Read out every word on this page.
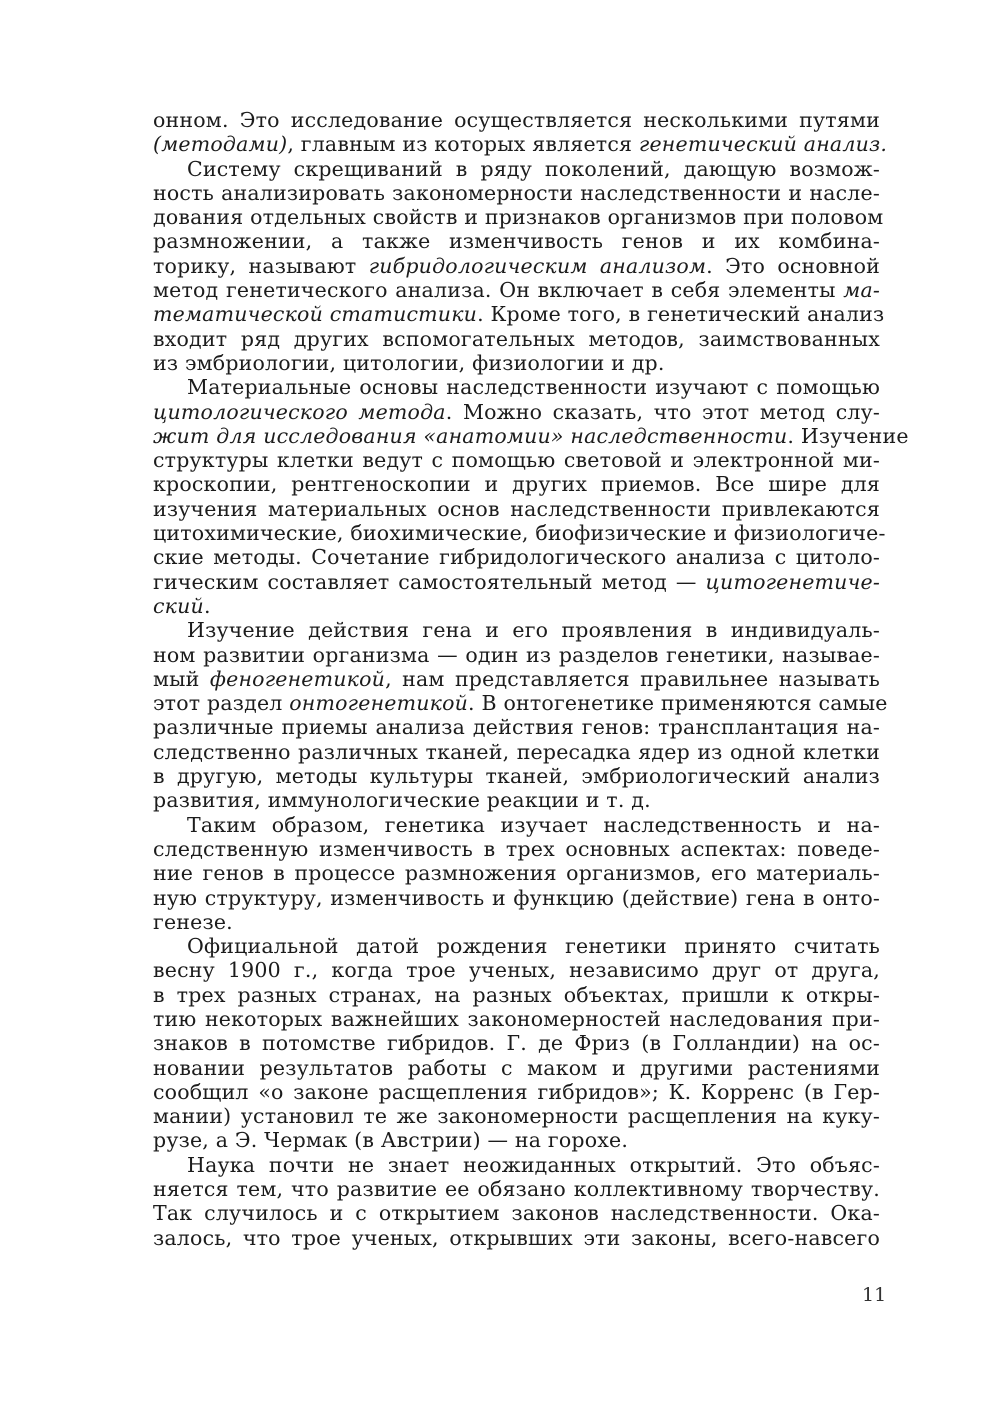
онном. Это исследование осуществляется несколькими путями
(методами), главным из которых является генетический анализ.
Систему скрещиваний в ряду поколений, дающую возмож-
ность анализировать закономерности наследственности и насле-
дования отдельных свойств и признаков организмов при половом
размножении, а также изменчивость генов и их комбина-
торику, называют гибридологическим анализом. Это основной
метод генетического анализа. Он включает в себя элементы ма-
тематической статистики. Кроме того, в генетический анализ
входит ряд других вспомогательных методов, заимствованных
из эмбриологии, цитологии, физиологии и др.
Материальные основы наследственности изучают с помощью
цитологического метода. Можно сказать, что этот метод слу-
жит для исследования «анатомии» наследственности. Изучение
структуры клетки ведут с помощью световой и электронной ми-
кроскопии, рентгеноскопии и других приемов. Все шире для
изучения материальных основ наследственности привлекаются
цитохимические, биохимические, биофизические и физиологиче-
ские методы. Сочетание гибридологического анализа с цитоло-
гическим составляет самостоятельный метод — цитогенетиче-
ский.
Изучение действия гена и его проявления в индивидуаль-
ном развитии организма — один из разделов генетики, называе-
мый феногенетикой, нам представляется правильнее называть
этот раздел онтогенетикой. В онтогенетике применяются самые
различные приемы анализа действия генов: трансплантация на-
следственно различных тканей, пересадка ядер из одной клетки
в другую, методы культуры тканей, эмбриологический анализ
развития, иммунологические реакции и т. д.
Таким образом, генетика изучает наследственность и на-
следственную изменчивость в трех основных аспектах: поведе-
ние генов в процессе размножения организмов, его материаль-
ную структуру, изменчивость и функцию (действие) гена в онто-
генезе.
Официальной датой рождения генетики принято считать
весну 1900 г., когда трое ученых, независимо друг от друга,
в трех разных странах, на разных объектах, пришли к откры-
тию некоторых важнейших закономерностей наследования при-
знаков в потомстве гибридов. Г. де Фриз (в Голландии) на ос-
новании результатов работы с маком и другими растениями
сообщил «о законе расщепления гибридов»; К. Корренс (в Гер-
мании) установил те же закономерности расщепления на куку-
рузе, а Э. Чермак (в Австрии) — на горохе.
Наука почти не знает неожиданных открытий. Это объяс-
няется тем, что развитие ее обязано коллективному творчеству.
Так случилось и с открытием законов наследственности. Ока-
залось, что трое ученых, открывших эти законы, всего-навсего
11
